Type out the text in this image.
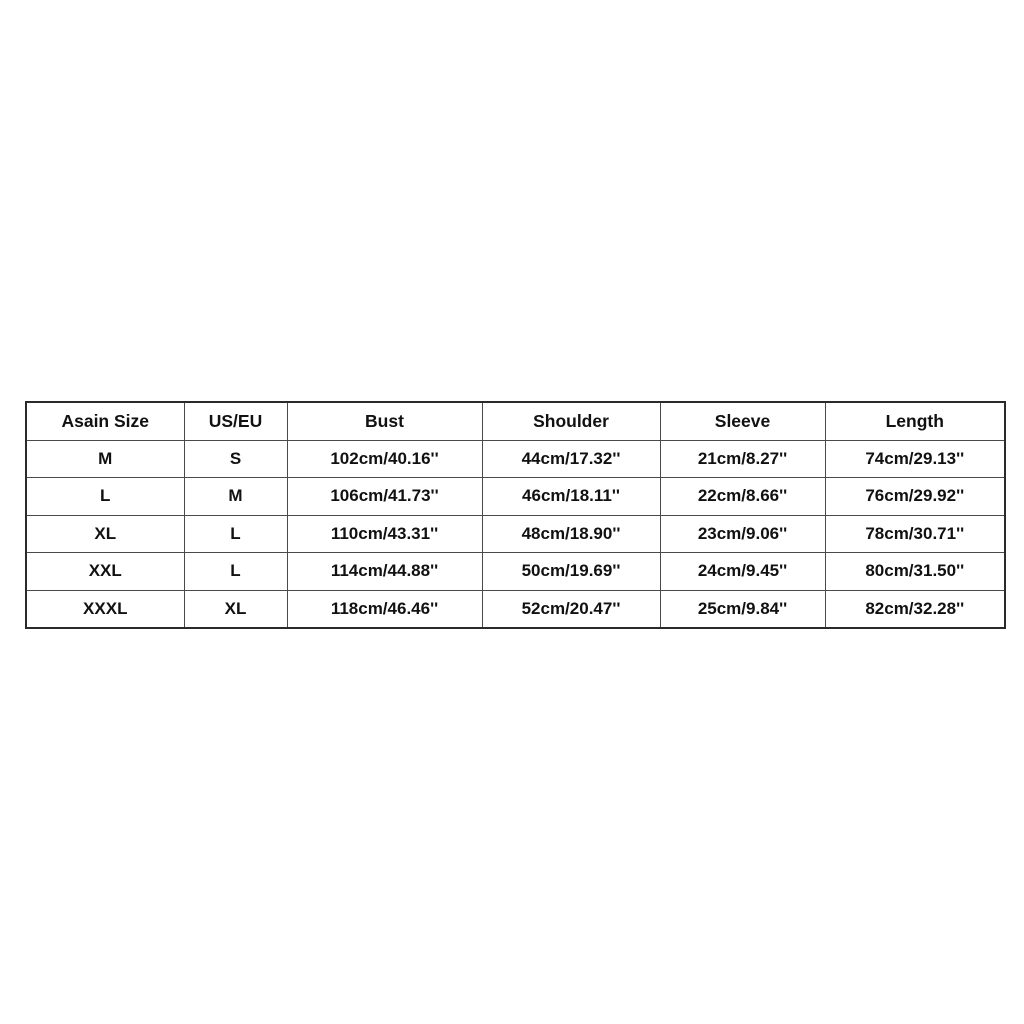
Asain Size	US/EU	Bust	Shoulder	Sleeve	Length
M	S	102cm/40.16''	44cm/17.32''	21cm/8.27''	74cm/29.13''
L	M	106cm/41.73''	46cm/18.11''	22cm/8.66''	76cm/29.92''
XL	L	110cm/43.31''	48cm/18.90''	23cm/9.06''	78cm/30.71''
XXL	L	114cm/44.88''	50cm/19.69''	24cm/9.45''	80cm/31.50''
XXXL	XL	118cm/46.46''	52cm/20.47''	25cm/9.84''	82cm/32.28''
